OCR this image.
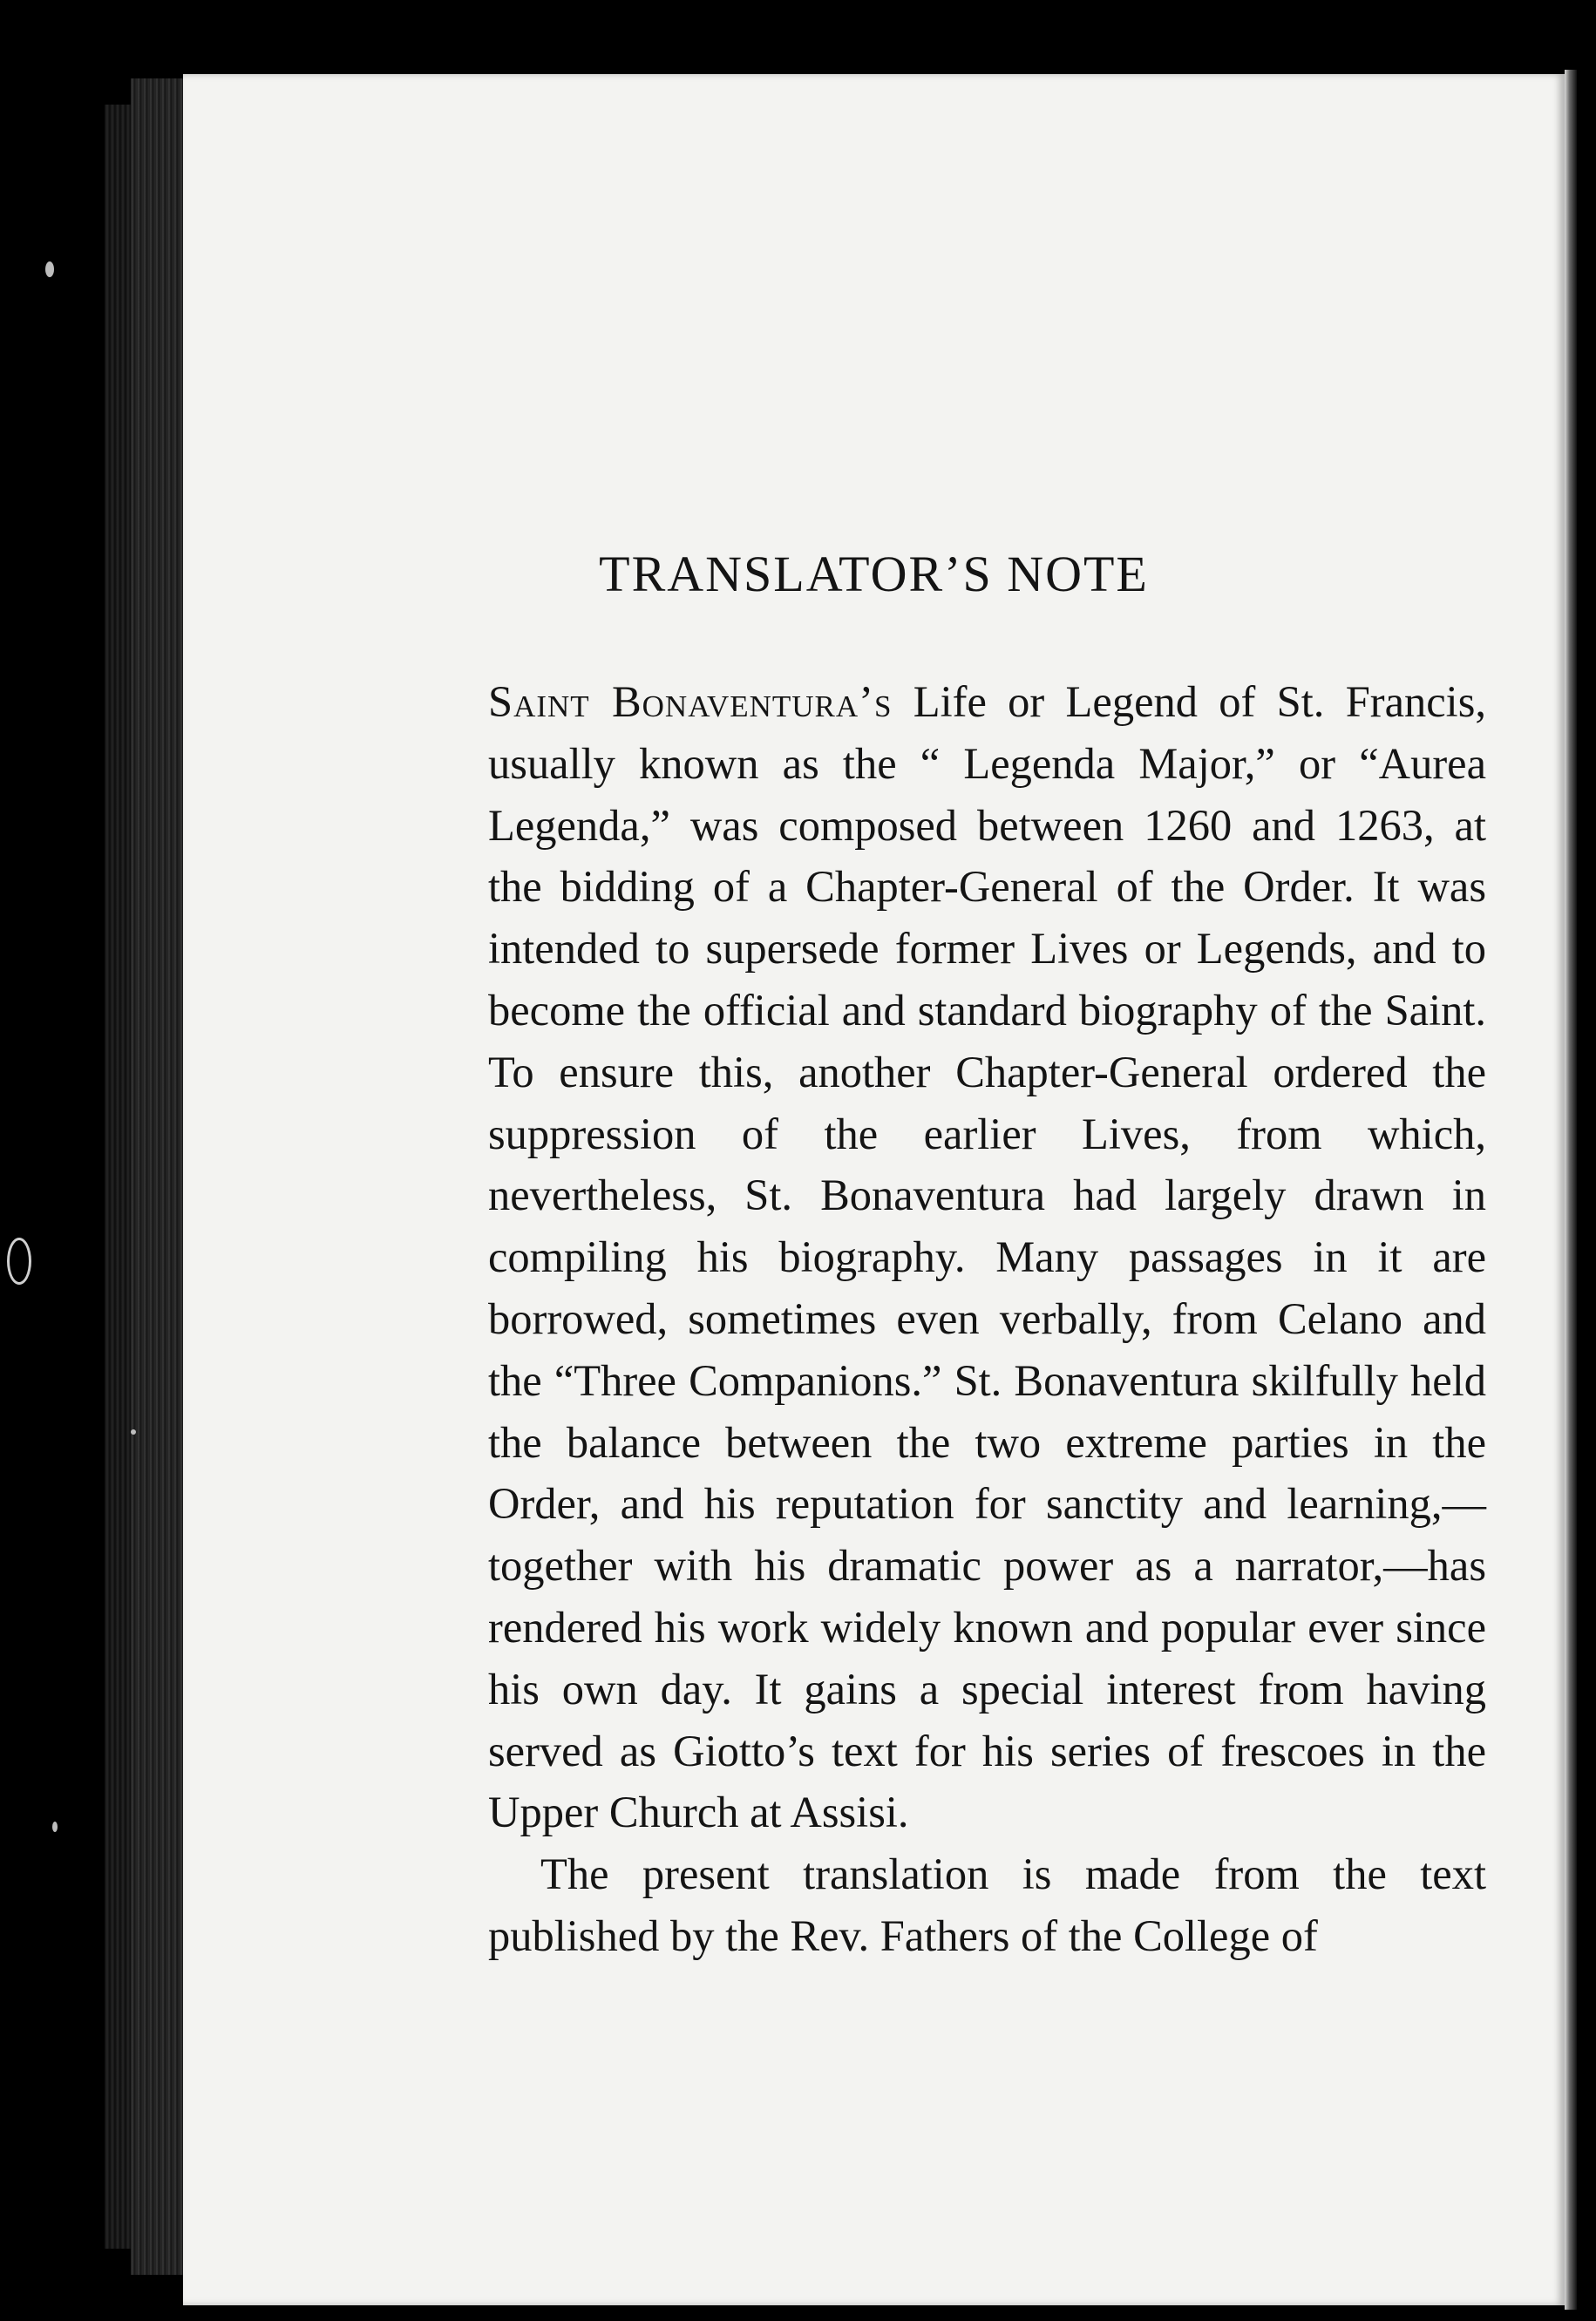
TRANSLATOR’S NOTE

Saint Bonaventura’s Life or Legend of St. Francis, usually known as the “ Legenda Major,” or “Aurea Legenda,” was composed between 1260 and 1263, at the bidding of a Chapter-General of the Order. It was intended to supersede former Lives or Legends, and to become the official and standard biography of the Saint. To ensure this, another Chapter-General ordered the suppression of the earlier Lives, from which, nevertheless, St. Bonaventura had largely drawn in compiling his biography. Many passages in it are borrowed, sometimes even verbally, from Celano and the “Three Companions.” St. Bonaventura skilfully held the balance between the two extreme parties in the Order, and his reputation for sanctity and learning,—together with his dramatic power as a narrator,—has rendered his work widely known and popular ever since his own day. It gains a special interest from having served as Giotto’s text for his series of frescoes in the Upper Church at Assisi.

The present translation is made from the text published by the Rev. Fathers of the College of
